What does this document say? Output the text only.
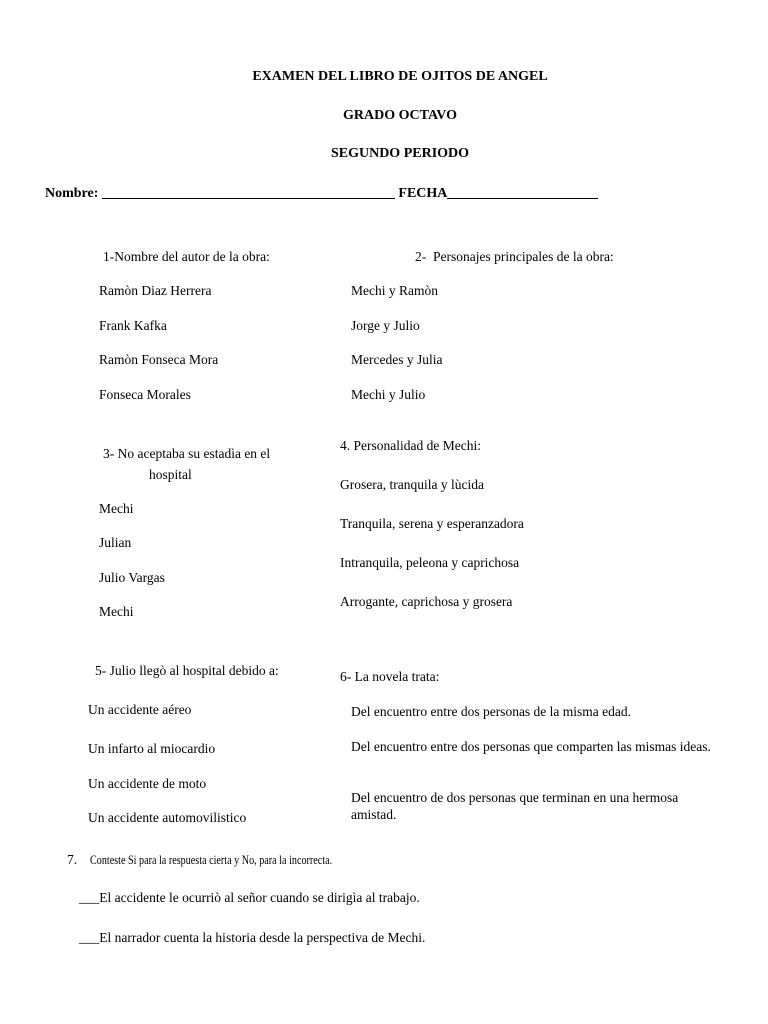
EXAMEN DEL LIBRO DE OJITOS DE ANGEL
GRADO OCTAVO
SEGUNDO PERIODO
Nombre:	FECHA
1-Nombre del autor de la obra:
Ramòn Diaz Herrera
Frank Kafka
Ramòn Fonseca Mora
Fonseca Morales
2-  Personajes principales de la obra:
Mechi y Ramòn
Jorge y Julio
Mercedes y Julia
Mechi y Julio
3- No aceptaba su estadìa en el hospital
Mechi
Julian
Julio Vargas
Mechi
4. Personalidad de Mechi:
Grosera, tranquila y lùcida
Tranquila, serena y esperanzadora
Intranquila, peleona y caprichosa
Arrogante, caprichosa y grosera
5- Julio llegò al hospital debido a:
Un accidente aéreo
Un infarto al miocardio
Un accidente de moto
Un accidente automovilistico
6- La novela trata:
Del encuentro entre dos personas de la misma edad.
Del encuentro entre dos personas que comparten las mismas ideas.
Del encuentro de dos personas que terminan en una hermosa amistad.
7. Conteste Si para la respuesta cierta y No, para la incorrecta.
___El accidente le ocurriò al señor cuando se dirigìa al trabajo.
___El narrador cuenta la historia desde la perspectiva de Mechi.
